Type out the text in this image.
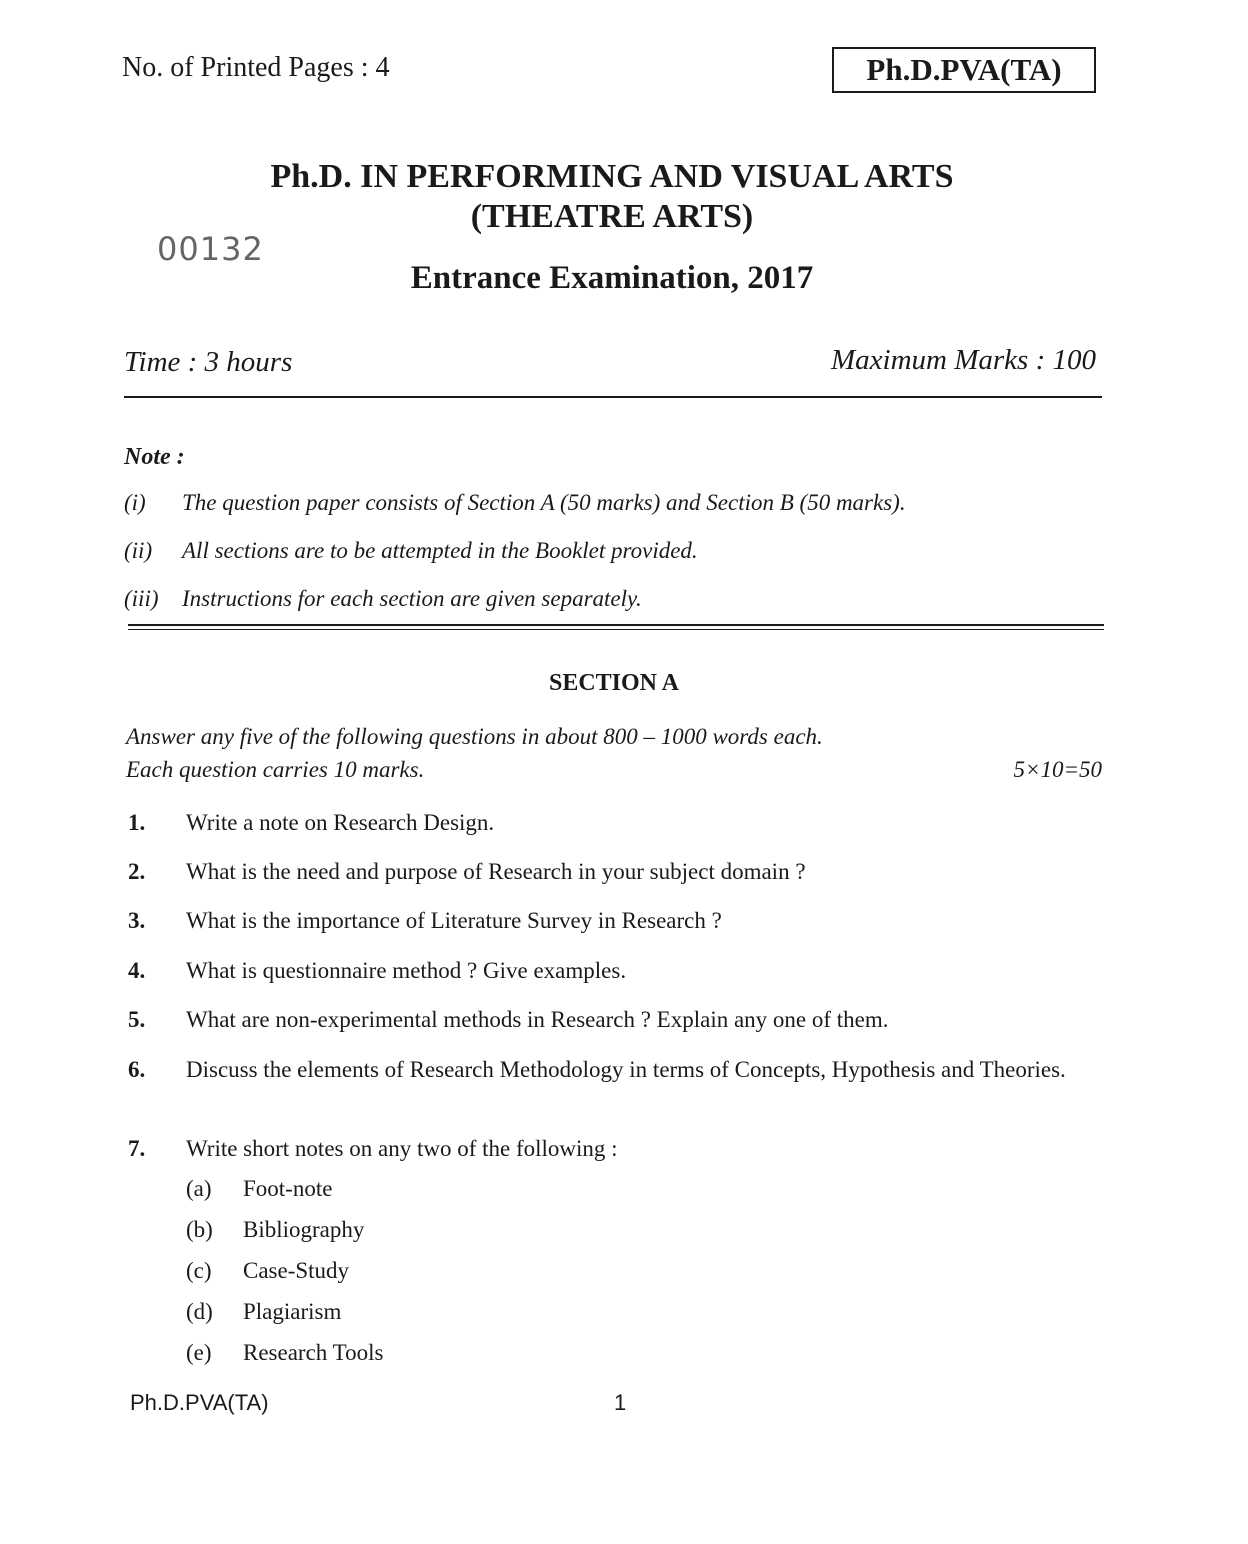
No. of Printed Pages : 4	Ph.D.PVA(TA)
Ph.D. IN PERFORMING AND VISUAL ARTS
(THEATRE ARTS)
00132
Entrance Examination, 2017
Time : 3 hours	Maximum Marks : 100
Note :
(i)	The question paper consists of Section A (50 marks) and Section B (50 marks).
(ii)	All sections are to be attempted in the Booklet provided.
(iii)	Instructions for each section are given separately.
SECTION A
Answer any five of the following questions in about 800 – 1000 words each.
Each question carries 10 marks.	5×10=50
1.	Write a note on Research Design.
2.	What is the need and purpose of Research in your subject domain ?
3.	What is the importance of Literature Survey in Research ?
4.	What is questionnaire method ? Give examples.
5.	What are non-experimental methods in Research ? Explain any one of them.
6.	Discuss the elements of Research Methodology in terms of Concepts, Hypothesis and Theories.
7.	Write short notes on any two of the following :
(a)	Foot-note
(b)	Bibliography
(c)	Case-Study
(d)	Plagiarism
(e)	Research Tools
Ph.D.PVA(TA)	1
